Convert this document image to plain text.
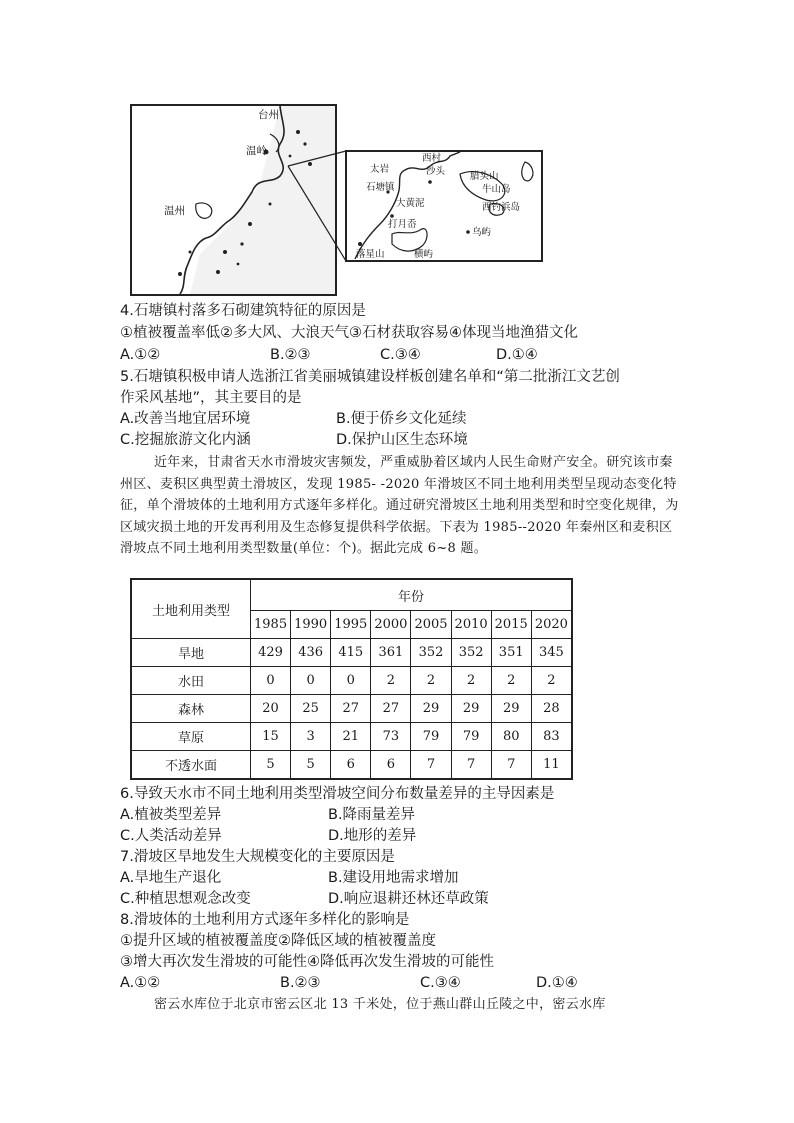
台州
温岭
温州
太岩
西村
沙头	腊头山
石塘镇	牛山岛
大黄泥	西钓浜岛
打月岙
乌屿
落星山	横屿
4.石塘镇村落多石砌建筑特征的原因是
①植被覆盖率低②多大风、大浪天气③石材获取容易④体现当地渔猎文化
A.①②	B.②③	C.③④	D.①④
5.石塘镇积极申请人选浙江省美丽城镇建设样板创建名单和“第二批浙江文艺创
作采风基地”，其主要目的是
A.改善当地宜居环境	B.便于侨乡文化延续
C.挖掘旅游文化内涵	D.保护山区生态环境
近年来，甘肃省天水市滑坡灾害频发，严重威胁着区域内人民生命财产安全。研究该市秦州区、麦积区典型黄土滑坡区，发现 1985- -2020 年滑坡区不同土地利用类型呈现动态变化特征，单个滑坡体的土地利用方式逐年多样化。通过研究滑坡区土地利用类型和时空变化规律，为区域灾损土地的开发再利用及生态修复提供科学依据。下表为 1985--2020 年秦州区和麦积区滑坡点不同土地利用类型数量(单位：个)。据此完成 6~8 题。
土地利用类型	年份							
	1985	1990	1995	2000	2005	2010	2015	2020
旱地	429	436	415	361	352	352	351	345
水田	0	0	0	2	2	2	2	2
森林	20	25	27	27	29	29	29	28
草原	15	3	21	73	79	79	80	83
不透水面	5	5	6	6	7	7	7	11
6.导致天水市不同土地利用类型滑坡空间分布数量差异的主导因素是
A.植被类型差异	B.降雨量差异
C.人类活动差异	D.地形的差异
7.滑坡区旱地发生大规模变化的主要原因是
A.旱地生产退化	B.建设用地需求增加
C.种植思想观念改变	D.响应退耕还林还草政策
8.滑坡体的土地利用方式逐年多样化的影响是
①提升区域的植被覆盖度②降低区域的植被覆盖度
③增大再次发生滑坡的可能性④降低再次发生滑坡的可能性
A.①②	B.②③	C.③④	D.①④
密云水库位于北京市密云区北 13 千米处，位于燕山群山丘陵之中，密云水库
